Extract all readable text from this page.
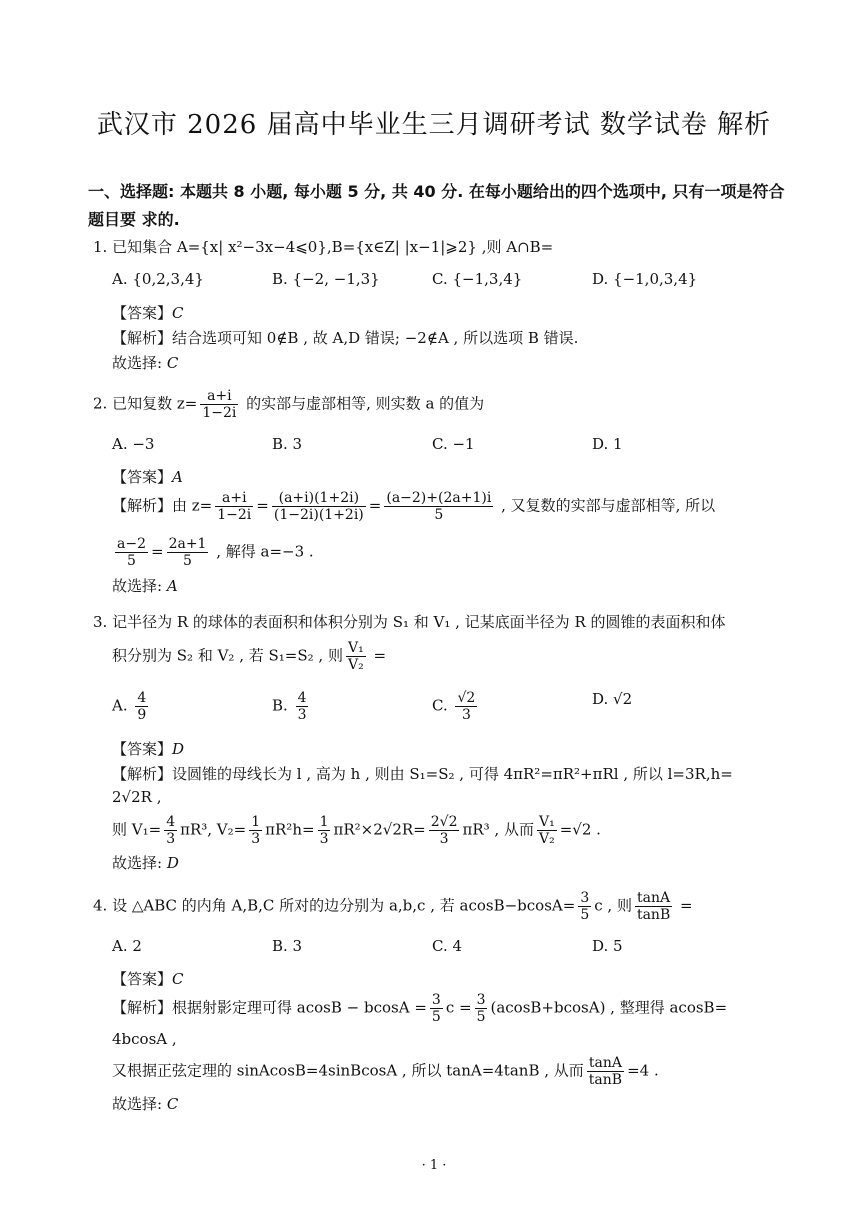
武汉市 2026 届高中毕业生三月调研考试 数学试卷 解析
一、选择题: 本题共 8 小题, 每小题 5 分, 共 40 分. 在每小题给出的四个选项中, 只有一项是符合题目要 求的.
1. 已知集合 A={x| x²−3x−4⩽0},B={x∈Z| |x−1|⩾2} ,则 A∩B=
A. {0,2,3,4}	B. {−2, −1,3}	C. {−1,3,4}	D. {−1,0,3,4}
【答案】C
【解析】结合选项可知 0∉B , 故 A,D 错误; −2∉A , 所以选项 B 错误.
故选择: C
2. 已知复数 $z= \frac{a+i}{1-2i}$ 的实部与虚部相等, 则实数 a 的值为
A. −3	B. 3	C. −1	D. 1
【答案】A
【解析】由 $z= \frac{a+i}{1-2i} = \frac{(a+i)(1+2i)}{(1-2i)(1+2i)} = \frac{(a-2)+(2a+1)i}{5}$ , 又复数的实部与虚部相等, 所以
$\frac{a-2}{5} = \frac{2a+1}{5}$ , 解得 a=−3 .
故选择: A
3. 记半径为 R 的球体的表面积和体积分别为 S₁ 和 V₁ , 记某底面半径为 R 的圆锥的表面积和体
积分别为 S₂ 和 V₂ , 若 S₁=S₂ , 则 $\frac{\text{V₁}}{\text{V₂}}$ =
A. $\frac{4}{9}$	B. $\frac{4}{3}$	C. $\frac{√2}{3}$	D. √2
【答案】D
【解析】设圆锥的母线长为 l , 高为 h , 则由 S₁=S₂ , 可得 4πR²=πR²+πRl , 所以 l=3R,h=
2√2R ,
则 $V_1= \frac{4}{3} \pi R^3$, $V_2= \frac{1}{3} \pi R^2h= \frac{1}{3} \pi R^2\times 2√2R= \frac{2√2}{3} \pi R^3$ , 从而 $\frac{\text{V₁}}{\text{V₂}} =√2$ .
故选择: D
4. 设 △ABC 的内角 A,B,C 所对的边分别为 a,b,c , 若 $acosB-bcosA= \frac{3}{5}$ c , 则 $\frac{\tan A}{\tan B}$ =
A. 2	B. 3	C. 4	D. 5
【答案】C
【解析】根据射影定理可得 $acosB - bcosA = \frac{3}{5}$ $c = \frac{3}{5} (acosB+bcosA)$ , 整理得 acosB=
4bcosA ,
又根据正弦定理的 sinAcosB=4sinBcosA , 所以 tanA=4tanB , 从而 $\frac{\tan A}{\tan B} =4$ .
故选择: C
· 1 ·
